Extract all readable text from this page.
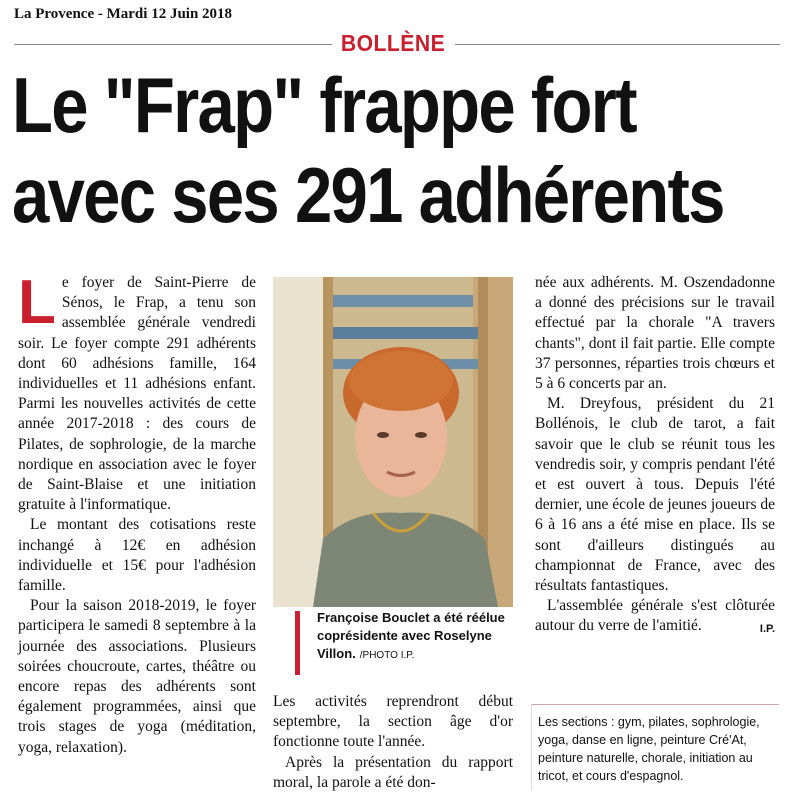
La Provence - Mardi 12 Juin 2018
BOLLÈNE
Le "Frap" frappe fort
avec ses 291 adhérents

Le foyer de Saint-Pierre de Sénos, le Frap, a tenu son assemblée générale vendredi soir. Le foyer compte 291 adhérents dont 60 adhésions famille, 164 individuelles et 11 adhésions enfant. Parmi les nouvelles activités de cette année 2017-2018 : des cours de Pilates, de sophrologie, de la marche nordique en association avec le foyer de Saint-Blaise et une initiation gratuite à l'informatique.

Le montant des cotisations reste inchangé à 12€ en adhésion individuelle et 15€ pour l'adhésion famille.

Pour la saison 2018-2019, le foyer participera le samedi 8 septembre à la journée des associations. Plusieurs soirées choucroute, cartes, théâtre ou encore repas des adhérents sont également programmées, ainsi que trois stages de yoga (méditation, yoga, relaxation).

Françoise Bouclet a été réélue coprésidente avec Roselyne Villon. /PHOTO I.P.

Les activités reprendront début septembre, la section âge d'or fonctionne toute l'année.

Après la présentation du rapport moral, la parole a été don-

née aux adhérents. M. Oszendadonne a donné des précisions sur le travail effectué par la chorale "A travers chants", dont il fait partie. Elle compte 37 personnes, réparties trois chœurs et 5 à 6 concerts par an.

M. Dreyfous, président du 21 Bollénois, le club de tarot, a fait savoir que le club se réunit tous les vendredis soir, y compris pendant l'été et est ouvert à tous. Depuis l'été dernier, une école de jeunes joueurs de 6 à 16 ans a été mise en place. Ils se sont d'ailleurs distingués au championnat de France, avec des résultats fantastiques.

L'assemblée générale s'est clôturée autour du verre de l'amitié.	I.P.

Les sections : gym, pilates, sophrologie, yoga, danse en ligne, peinture Cré'At, peinture naturelle, chorale, initiation au tricot, et cours d'espagnol.
